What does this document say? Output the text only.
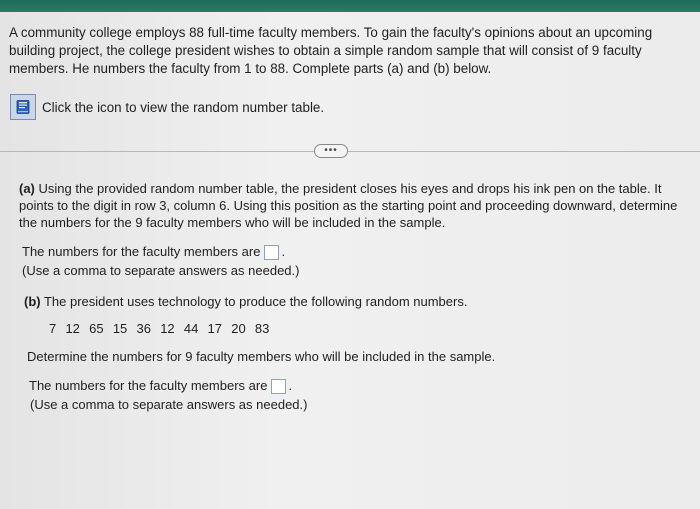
A community college employs 88 full-time faculty members. To gain the faculty's opinions about an upcoming building project, the college president wishes to obtain a simple random sample that will consist of 9 faculty members. He numbers the faculty from 1 to 88. Complete parts (a) and (b) below.
Click the icon to view the random number table.
•••
(a) Using the provided random number table, the president closes his eyes and drops his ink pen on the table. It points to the digit in row 3, column 6. Using this position as the starting point and proceeding downward, determine the numbers for the 9 faculty members who will be included in the sample.
The numbers for the faculty members are .
(Use a comma to separate answers as needed.)
(b) The president uses technology to produce the following random numbers.
7  12  65  15  36  12  44  17  20  83
Determine the numbers for 9 faculty members who will be included in the sample.
The numbers for the faculty members are .
(Use a comma to separate answers as needed.)
